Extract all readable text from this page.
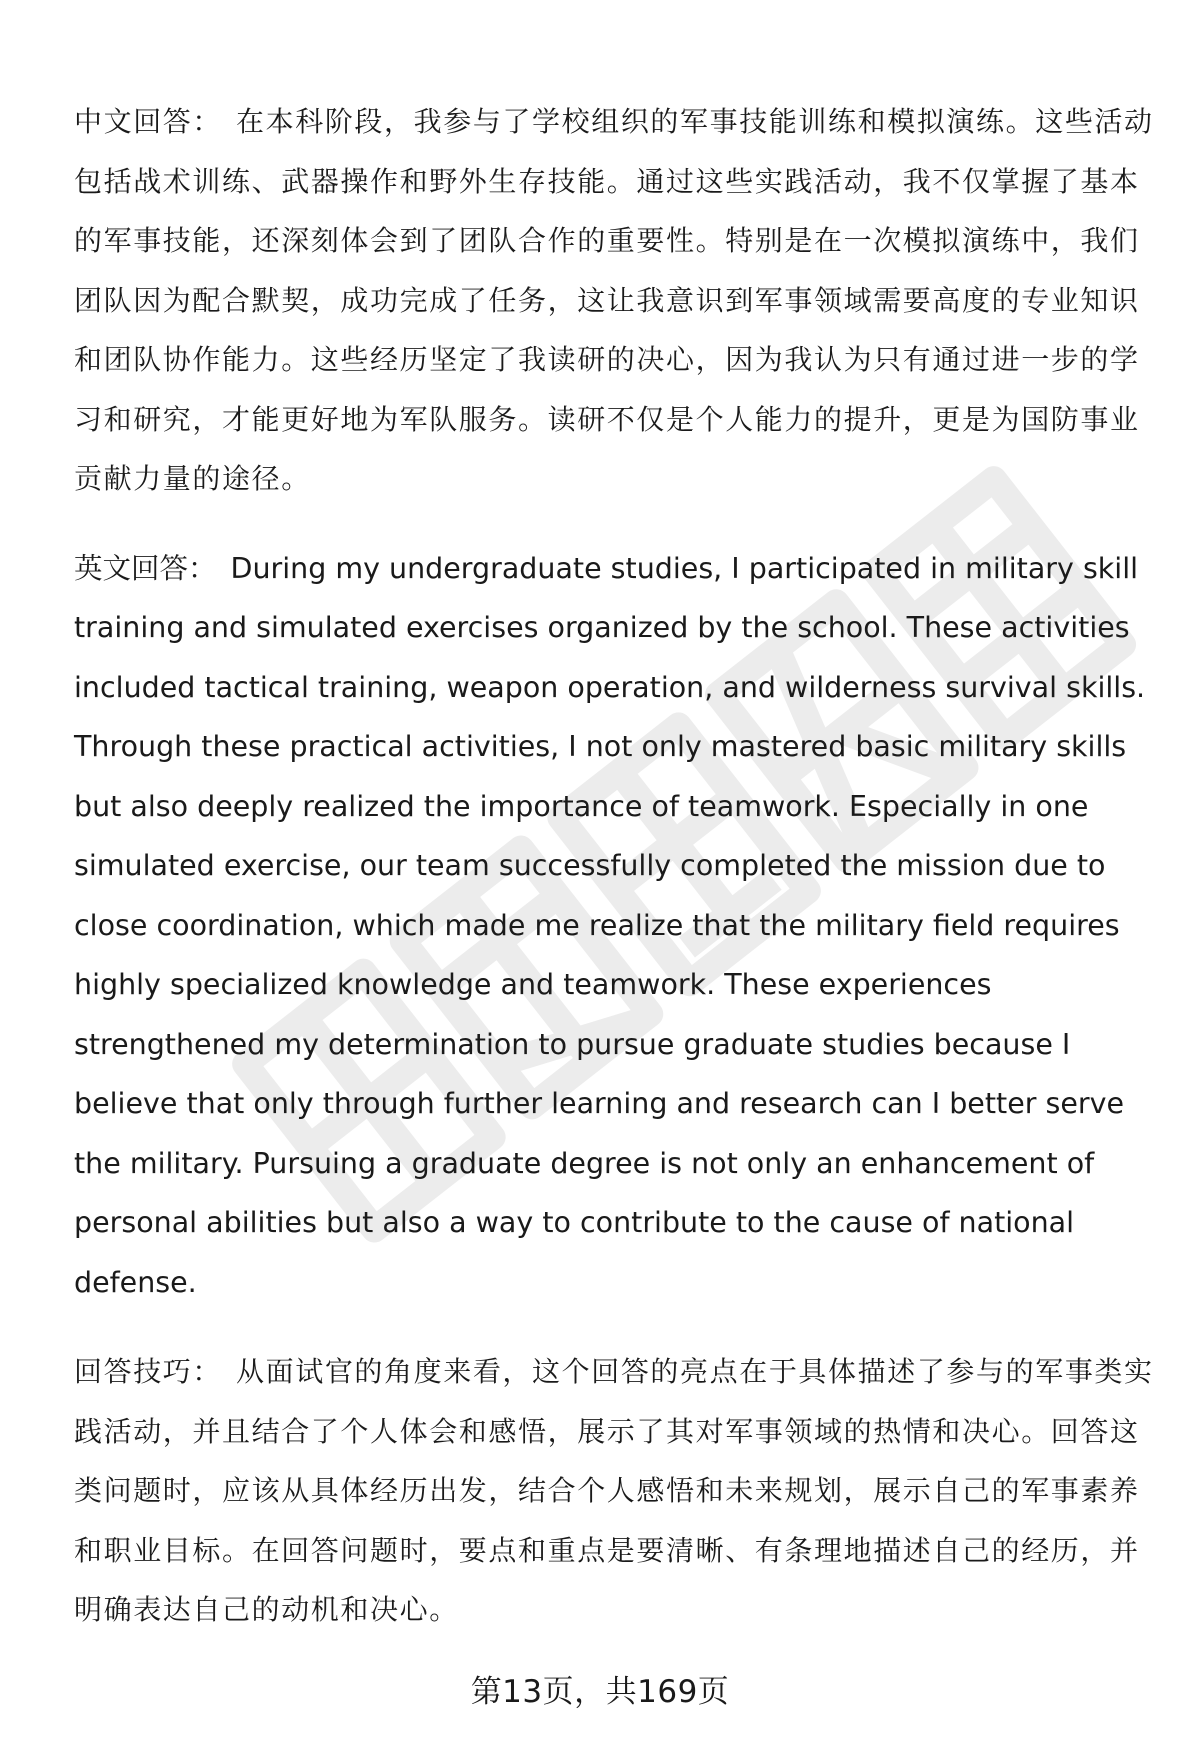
中文回答： 在本科阶段，我参与了学校组织的军事技能训练和模拟演练。这些活动包括战术训练、武器操作和野外生存技能。通过这些实践活动，我不仅掌握了基本的军事技能，还深刻体会到了团队合作的重要性。特别是在一次模拟演练中，我们团队因为配合默契，成功完成了任务，这让我意识到军事领域需要高度的专业知识和团队协作能力。这些经历坚定了我读研的决心，因为我认为只有通过进一步的学习和研究，才能更好地为军队服务。读研不仅是个人能力的提升，更是为国防事业贡献力量的途径。

英文回答： During my undergraduate studies, I participated in military skill training and simulated exercises organized by the school. These activities included tactical training, weapon operation, and wilderness survival skills. Through these practical activities, I not only mastered basic military skills but also deeply realized the importance of teamwork. Especially in one simulated exercise, our team successfully completed the mission due to close coordination, which made me realize that the military field requires highly specialized knowledge and teamwork. These experiences strengthened my determination to pursue graduate studies because I believe that only through further learning and research can I better serve the military. Pursuing a graduate degree is not only an enhancement of personal abilities but also a way to contribute to the cause of national defense.

回答技巧： 从面试官的角度来看，这个回答的亮点在于具体描述了参与的军事类实践活动，并且结合了个人体会和感悟，展示了其对军事领域的热情和决心。回答这类问题时，应该从具体经历出发，结合个人感悟和未来规划，展示自己的军事素养和职业目标。在回答问题时，要点和重点是要清晰、有条理地描述自己的经历，并明确表达自己的动机和决心。

第13页，共169页
